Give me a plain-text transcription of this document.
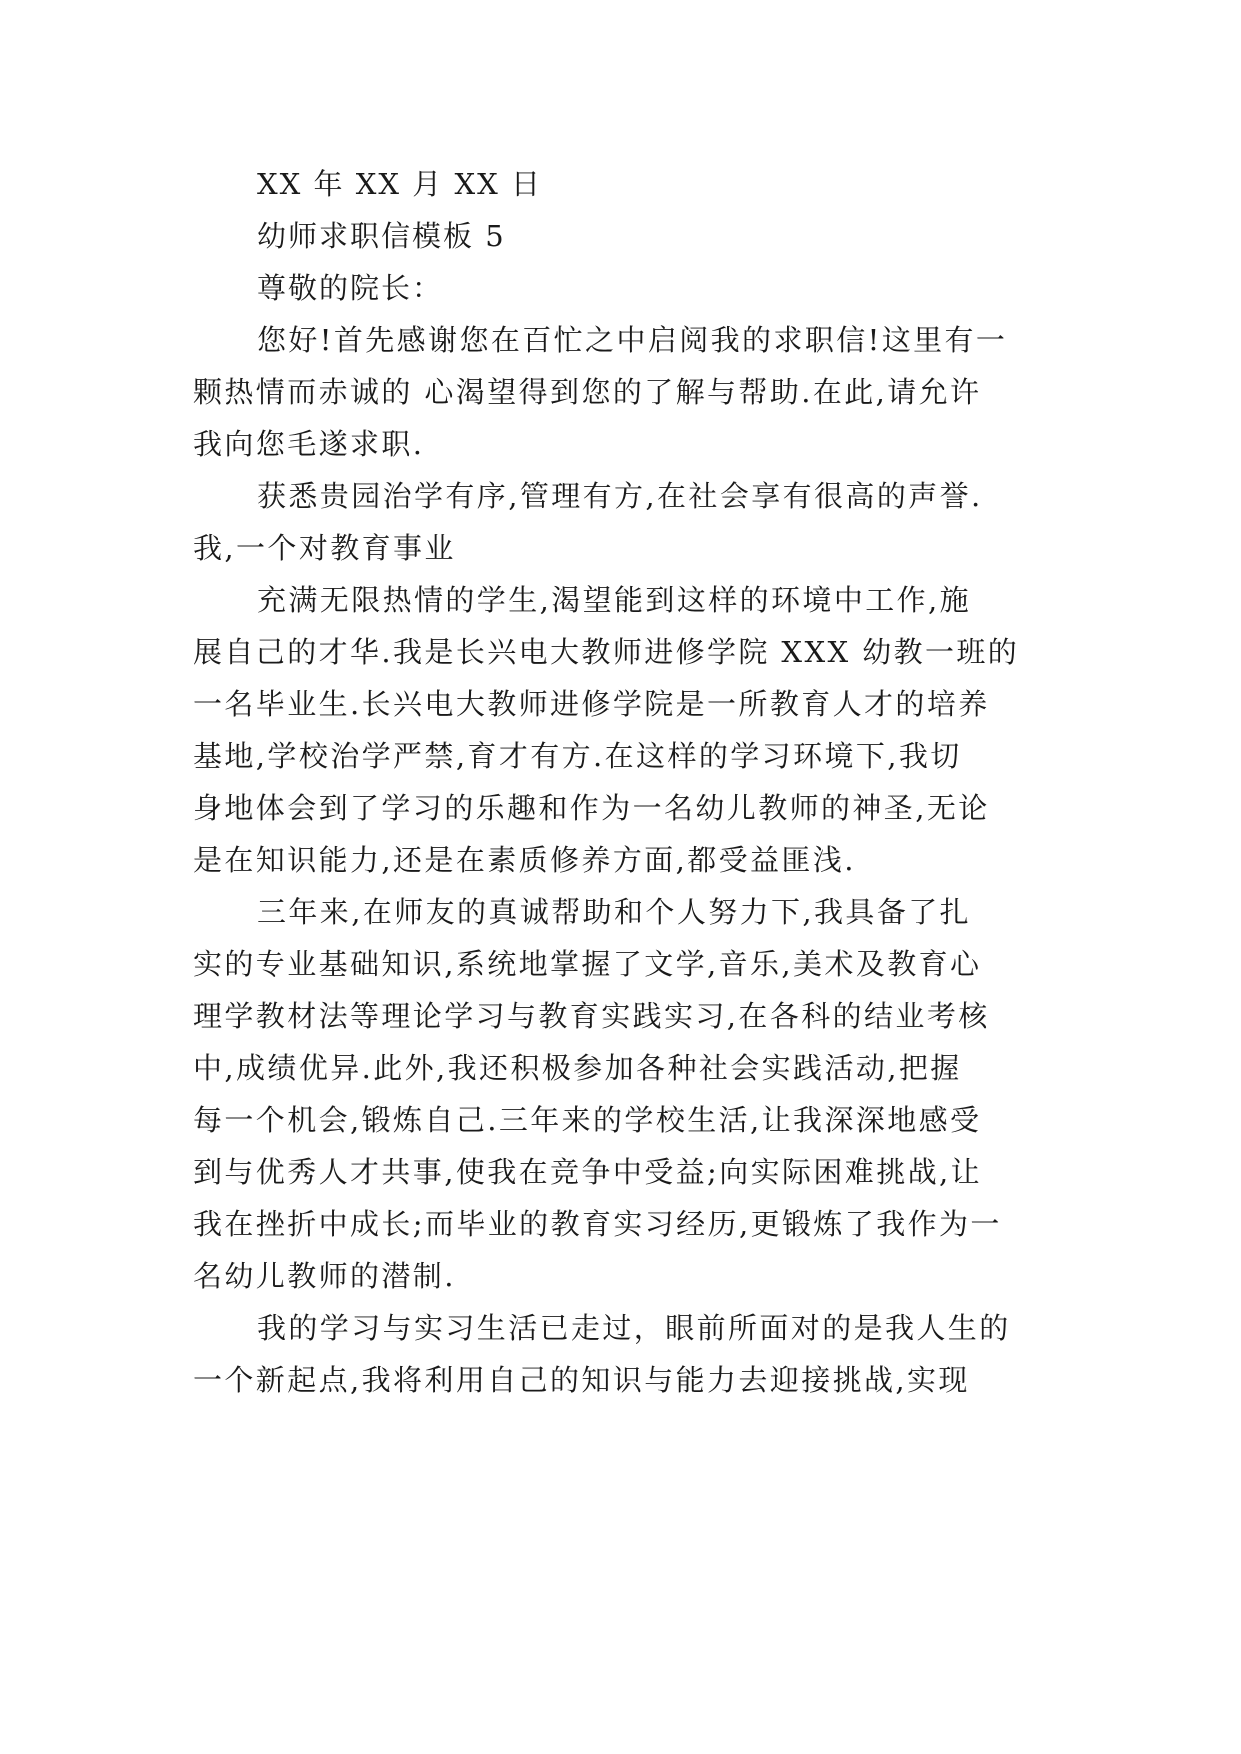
XX 年 XX 月 XX 日

幼师求职信模板 5

尊敬的院长：

您好!首先感谢您在百忙之中启阅我的求职信!这里有一

颗热情而赤诚的 心渴望得到您的了解与帮助.在此,请允许

我向您毛遂求职.

获悉贵园治学有序,管理有方,在社会享有很高的声誉.

我,一个对教育事业

充满无限热情的学生,渴望能到这样的环境中工作,施

展自己的才华.我是长兴电大教师进修学院 XXX 幼教一班的

一名毕业生.长兴电大教师进修学院是一所教育人才的培养

基地,学校治学严禁,育才有方.在这样的学习环境下,我切

身地体会到了学习的乐趣和作为一名幼儿教师的神圣,无论

是在知识能力,还是在素质修养方面,都受益匪浅.

三年来,在师友的真诚帮助和个人努力下,我具备了扎

实的专业基础知识,系统地掌握了文学,音乐,美术及教育心

理学教材法等理论学习与教育实践实习,在各科的结业考核

中,成绩优异.此外,我还积极参加各种社会实践活动,把握

每一个机会,锻炼自己.三年来的学校生活,让我深深地感受

到与优秀人才共事,使我在竞争中受益;向实际困难挑战,让

我在挫折中成长;而毕业的教育实习经历,更锻炼了我作为一

名幼儿教师的潜制.

我的学习与实习生活已走过，眼前所面对的是我人生的

一个新起点,我将利用自己的知识与能力去迎接挑战,实现
